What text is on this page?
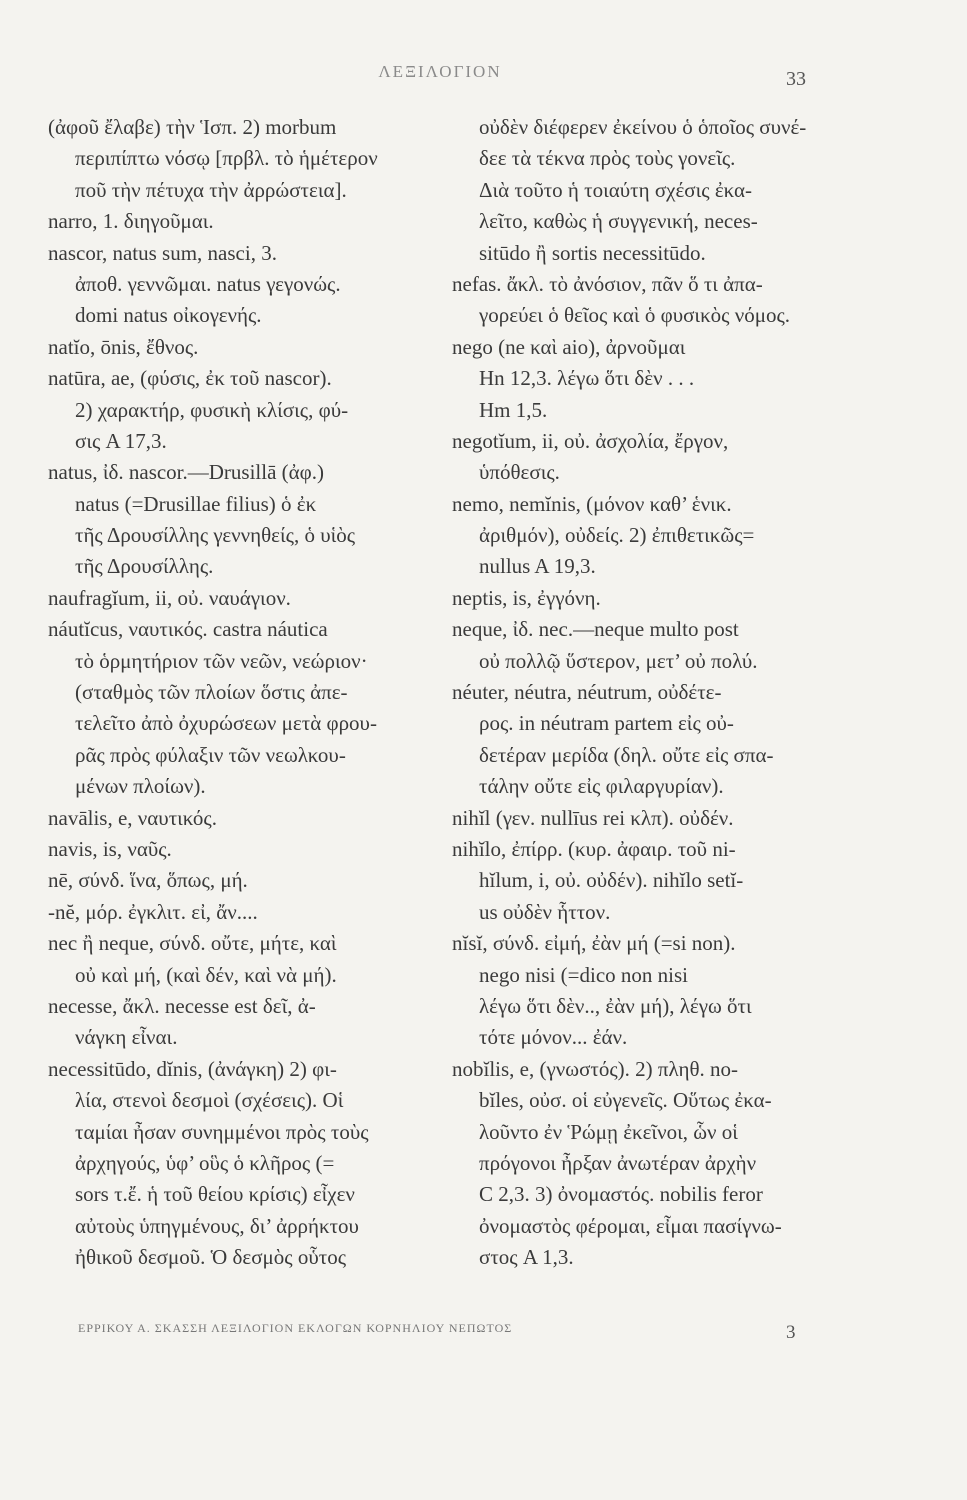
ΛΕΞΙΛΟΓΙΟΝ	33
(ἀφοῦ ἔλαβε) τὴν Ἱσπ. 2) morbum
περιπίπτω νόσῳ [πρβλ. τὸ ἡμέτερον
ποῦ τὴν πέτυχα τὴν ἀρρώστεια].
narro, 1. διηγοῦμαι.
nascor, natus sum, nasci, 3.
ἀποθ. γεννῶμαι. natus γεγονώς.
domi natus οἰκογενής.
natĭo, ōnis, ἔθνος.
natūra, ae, (φύσις, ἐκ τοῦ nascor).
2) χαρακτήρ, φυσικὴ κλίσις, φύ-
σις A 17,3.
natus, ἰδ. nascor.—Drusillā (ἀφ.)
natus (=Drusillae filius) ὁ ἐκ
τῆς Δρουσίλλης γεννηθείς, ὁ υἱὸς
τῆς Δρουσίλλης.
naufragĭum, ii, οὐ. ναυάγιον.
náutĭcus, ναυτικός. castra náutica
τὸ ὁρμητήριον τῶν νεῶν, νεώριον·
(σταθμὸς τῶν πλοίων ὅστις ἀπε-
τελεῖτο ἀπὸ ὀχυρώσεων μετὰ φρου-
ρᾶς πρὸς φύλαξιν τῶν νεωλκου-
μένων πλοίων).
navālis, e, ναυτικός.
navis, is, ναῦς.
nē, σύνδ. ἵνα, ὅπως, μή.
-nĕ, μόρ. ἐγκλιτ. εἰ, ἄν....
nec ἢ neque, σύνδ. οὔτε, μήτε, καὶ
οὐ καὶ μή, (καὶ δέν, καὶ νὰ μή).
necesse, ἄκλ. necesse est δεῖ, ἀ-
νάγκη εἶναι.
necessitūdo, dĭnis, (ἀνάγκη) 2) φι-
λία, στενοὶ δεσμοὶ (σχέσεις). Οἱ
ταμίαι ἦσαν συνημμένοι πρὸς τοὺς
ἀρχηγούς, ὑφ’ οὓς ὁ κλῆρος (=
sors τ.ἔ. ἡ τοῦ θείου κρίσις) εἶχεν
αὐτοὺς ὑπηγμένους, δι’ ἀρρήκτου
ἠθικοῦ δεσμοῦ. Ὁ δεσμὸς οὗτος
οὐδὲν διέφερεν ἐκείνου ὁ ὁποῖος συνέ-
δεε τὰ τέκνα πρὸς τοὺς γονεῖς.
Διὰ τοῦτο ἡ τοιαύτη σχέσις ἐκα-
λεῖτο, καθὼς ἡ συγγενική, neces-
sitūdo ἢ sortis necessitūdo.
nefas. ἄκλ. τὸ ἀνόσιον, πᾶν ὅ τι ἀπα-
γορεύει ὁ θεῖος καὶ ὁ φυσικὸς νόμος.
nego (ne καὶ aio), ἀρνοῦμαι
Hn 12,3. λέγω ὅτι δὲν . . .
Hm 1,5.
negotĭum, ii, οὐ. ἀσχολία, ἔργον,
ὑπόθεσις.
nemo, nemĭnis, (μόνον καθ’ ἑνικ.
ἀριθμόν), οὐδείς. 2) ἐπιθετικῶς=
nullus A 19,3.
neptis, is, ἐγγόνη.
neque, ἰδ. nec.—neque multo post
οὐ πολλῷ ὕστερον, μετ’ οὐ πολύ.
néuter, néutra, néutrum, οὐδέτε-
ρος. in néutram partem εἰς οὐ-
δετέραν μερίδα (δηλ. οὔτε εἰς σπα-
τάλην οὔτε εἰς φιλαργυρίαν).
nihĭl (γεν. nullīus rei κλπ). οὐδέν.
nihĭlo, ἐπίρρ. (κυρ. ἀφαιρ. τοῦ ni-
hĭlum, i, οὐ. οὐδέν). nihĭlo setĭ-
us οὐδὲν ἧττον.
nĭsĭ, σύνδ. εἰμή, ἐὰν μή (=si non).
nego nisi (=dico non nisi
λέγω ὅτι δὲν.., ἐὰν μή), λέγω ὅτι
τότε μόνον... ἐάν.
nobĭlis, e, (γνωστός). 2) πληθ. no-
bĭles, οὐσ. οἱ εὐγενεῖς. Οὕτως ἐκα-
λοῦντο ἐν Ῥώμῃ ἐκεῖνοι, ὧν οἱ
πρόγονοι ἦρξαν ἀνωτέραν ἀρχὴν
C 2,3. 3) ὀνομαστός. nobilis feror
ὀνομαστὸς φέρομαι, εἶμαι πασίγνω-
στος A 1,3.
ΕΡΡΙΚΟΥ Α. ΣΚΑΣΣΗ ΛΕΞΙΛΟΓΙΟΝ ΕΚΛΟΓΩΝ ΚΟΡΝΗΛΙΟΥ ΝΕΠΩΤΟΣ	3
